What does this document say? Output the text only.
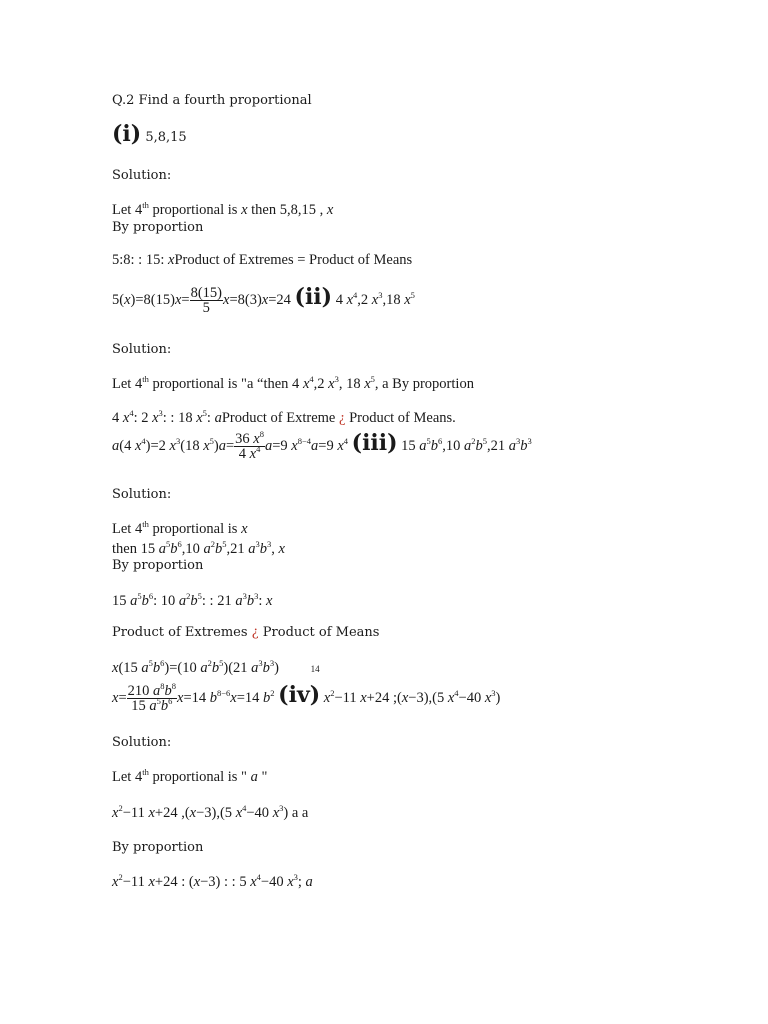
Q.2 Find a fourth proportional
(i) 5,8,15
Solution:
Let 4th proportional is x then 5,8,15 , x
By proportion
5:8: : 15: xProduct of Extremes = Product of Means
$5(x)=8(15)x= \frac{8(15)}{5} x=8(3)x=24$ (ii) 4 $x^4,2$ $x^3,18$ $x^5$
Solution:
Let 4th proportional is "a “then 4 $x^4,2$ $x^3$, 18 $x^5$, a By proportion
4 $x^4$: 2 $x^3$: : 18 $x^5$: aProduct of Extreme ¿ Product of Means.
a(4 $x^4)=2$ $x^3(18$ $x^5)a= \frac{36 x^8}{4 x^4} a=9$ $x^{8-4}a=9$ $x^4$ (iii) 15 $a^5b^6,10$ $a^2b^5,21$ $a^3b^3$
Solution:
Let 4th proportional is x
then 15 $a^5b^6,10$ $a^2b^5,21$ $a^3b^3$, x
By proportion
15 $a^5b^6$: 10 $a^2b^5$: : 21 $a^3b^3$: x
Product of Extremes ¿ Product of Means
x(15 $a^5b^6)=(10$ $a^2b^5)(21$ $a^3b^3$)	14
$x= \frac{210 a^8b^8}{15 a^5b^6} x=14$ $b^{8-6}x=14$ $b^2$ (iv) $x^2-11$ x+24 ;(x−3),(5 $x^4-40$ $x^3$)
Solution:
Let 4th proportional is " a "
$x^2-11$ x+24 ,(x−3),(5 $x^4-40$ $x^3$) a a
By proportion
$x^2-11$ x+24 : (x−3) : : 5 $x^4-40$ $x^3$; a
